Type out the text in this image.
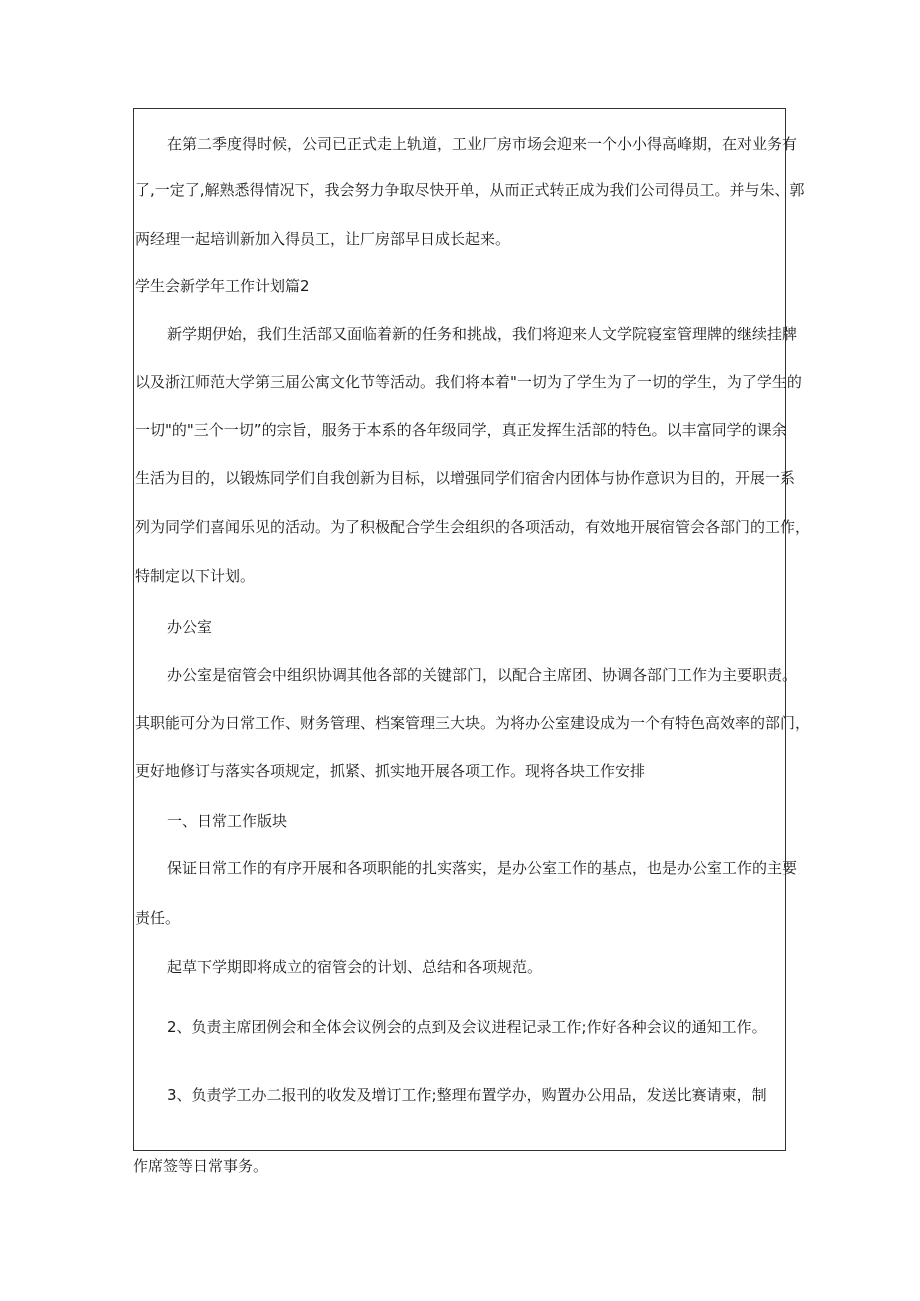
在第二季度得时候，公司已正式走上轨道，工业厂房市场会迎来一个小小得高峰期，在对业务有
了,一定了,解熟悉得情况下，我会努力争取尽快开单，从而正式转正成为我们公司得员工。并与朱、郭
两经理一起培训新加入得员工，让厂房部早日成长起来。
学生会新学年工作计划篇2
新学期伊始，我们生活部又面临着新的任务和挑战，我们将迎来人文学院寝室管理牌的继续挂牌
以及浙江师范大学第三届公寓文化节等活动。我们将本着"一切为了学生为了一切的学生，为了学生的
一切"的"三个一切”的宗旨，服务于本系的各年级同学，真正发挥生活部的特色。以丰富同学的课余
生活为目的，以锻炼同学们自我创新为目标，以增强同学们宿舍内团体与协作意识为目的，开展一系
列为同学们喜闻乐见的活动。为了积极配合学生会组织的各项活动，有效地开展宿管会各部门的工作，
特制定以下计划。
办公室
办公室是宿管会中组织协调其他各部的关键部门，以配合主席团、协调各部门工作为主要职责。
其职能可分为日常工作、财务管理、档案管理三大块。为将办公室建设成为一个有特色高效率的部门，
更好地修订与落实各项规定，抓紧、抓实地开展各项工作。现将各块工作安排
一、日常工作版块
保证日常工作的有序开展和各项职能的扎实落实，是办公室工作的基点，也是办公室工作的主要
责任。
起草下学期即将成立的宿管会的计划、总结和各项规范。
2、负责主席团例会和全体会议例会的点到及会议进程记录工作;作好各种会议的通知工作。
3、负责学工办二报刊的收发及增订工作;整理布置学办，购置办公用品，发送比赛请柬，制
作席签等日常事务。
